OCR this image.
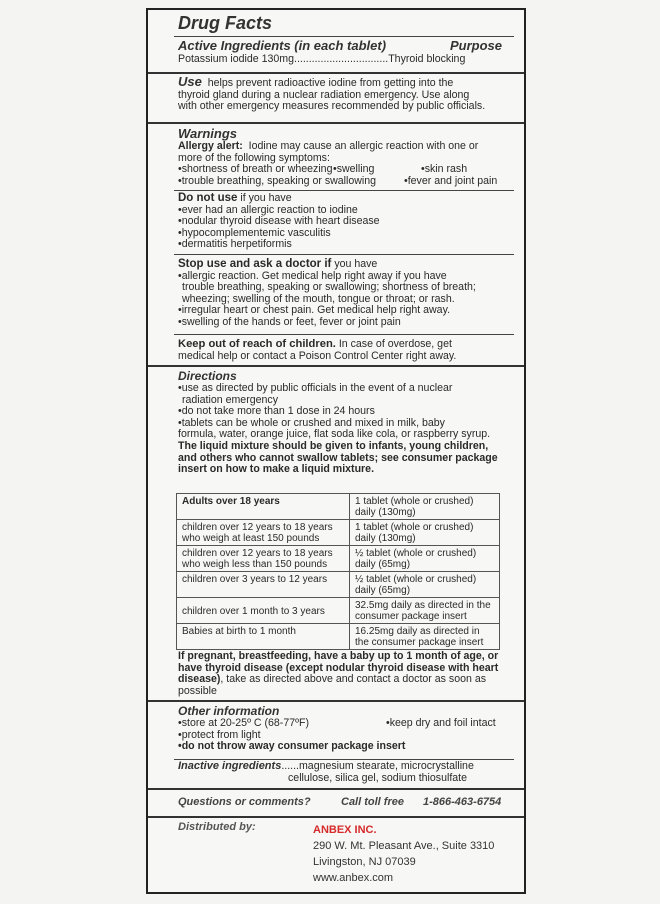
Drug Facts
Active Ingredients (in each tablet)	Purpose
Potassium iodide 130mg................................Thyroid blocking
Use helps prevent radioactive iodine from getting into the
thyroid gland during a nuclear radiation emergency. Use along
with other emergency measures recommended by public officials.
Warnings
Allergy alert: Iodine may cause an allergic reaction with one or
more of the following symptoms:
•shortness of breath or wheezing •swelling	•skin rash
•trouble breathing, speaking or swallowing	•fever and joint pain
Do not use if you have
•ever had an allergic reaction to iodine
•nodular thyroid disease with heart disease
•hypocomplementemic vasculitis
•dermatitis herpetiformis
Stop use and ask a doctor if you have
•allergic reaction. Get medical help right away if you have
trouble breathing, speaking or swallowing; shortness of breath;
wheezing; swelling of the mouth, tongue or throat; or rash.
•irregular heart or chest pain. Get medical help right away.
•swelling of the hands or feet, fever or joint pain
Keep out of reach of children. In case of overdose, get
medical help or contact a Poison Control Center right away.
Directions
•use as directed by public officials in the event of a nuclear
radiation emergency
•do not take more than 1 dose in 24 hours
•tablets can be whole or crushed and mixed in milk, baby
formula, water, orange juice, flat soda like cola, or raspberry syrup.
The liquid mixture should be given to infants, young children,
and others who cannot swallow tablets; see consumer package
insert on how to make a liquid mixture.
Adults over 18 years	1 tablet (whole or crushed) daily (130mg)
children over 12 years to 18 years who weigh at least 150 pounds	1 tablet (whole or crushed) daily (130mg)
children over 12 years to 18 years who weigh less than 150 pounds	½ tablet (whole or crushed) daily (65mg)
children over 3 years to 12 years	½ tablet (whole or crushed) daily (65mg)
children over 1 month to 3 years	32.5mg daily as directed in the consumer package insert
Babies at birth to 1 month	16.25mg daily as directed in the consumer package insert
If pregnant, breastfeeding, have a baby up to 1 month of age, or
have thyroid disease (except nodular thyroid disease with heart
disease), take as directed above and contact a doctor as soon as
possible
Other information
•store at 20-25º C (68-77ºF)	•keep dry and foil intact
•protect from light
•do not throw away consumer package insert
Inactive ingredients......magnesium stearate, microcrystalline
cellulose, silica gel, sodium thiosulfate
Questions or comments?	Call toll free 1-866-463-6754
Distributed by:	ANBEX INC.
290 W. Mt. Pleasant Ave., Suite 3310
Livingston, NJ 07039
www.anbex.com
